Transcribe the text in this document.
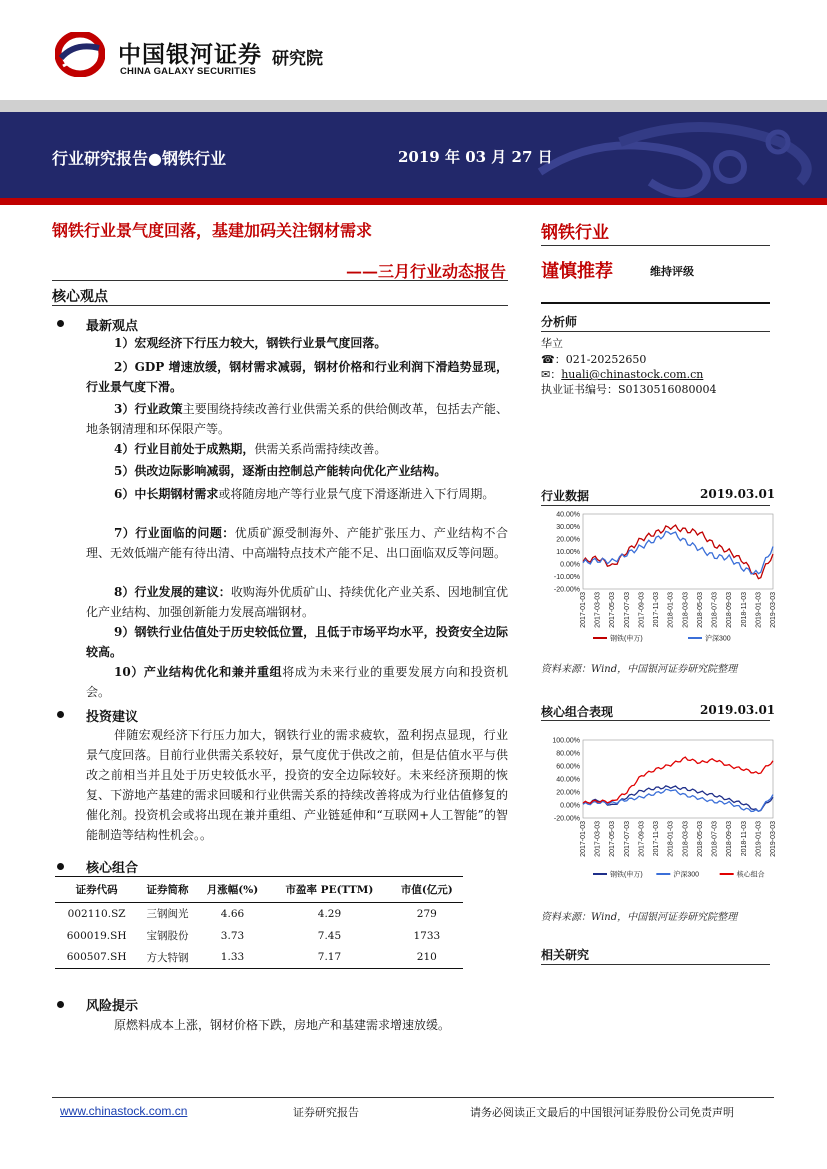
中国银河证券 研究院
CHINA GALAXY SECURITIES
行业研究报告●钢铁行业	2019 年 03 月 27 日
钢铁行业景气度回落，基建加码关注钢材需求
——三月行业动态报告
核心观点
最新观点
1）宏观经济下行压力较大，钢铁行业景气度回落。
2）GDP 增速放缓，钢材需求减弱，钢材价格和行业利润下滑趋势显现，行业景气度下滑。
3）行业政策主要围绕持续改善行业供需关系的供给侧改革，包括去产能、地条钢清理和环保限产等。
4）行业目前处于成熟期，供需关系尚需持续改善。
5）供改边际影响减弱，逐渐由控制总产能转向优化产业结构。
6）中长期钢材需求或将随房地产等行业景气度下滑逐渐进入下行周期。
7）行业面临的问题：优质矿源受制海外、产能扩张压力、产业结构不合理、无效低端产能有待出清、中高端特点技术产能不足、出口面临双反等问题。
8）行业发展的建议：收购海外优质矿山、持续优化产业关系、因地制宜优化产业结构、加强创新能力发展高端钢材。
9）钢铁行业估值处于历史较低位置，且低于市场平均水平，投资安全边际较高。
10）产业结构优化和兼并重组将成为未来行业的重要发展方向和投资机会。
投资建议
伴随宏观经济下行压力加大，钢铁行业的需求疲软，盈利拐点显现，行业景气度回落。目前行业供需关系较好，景气度优于供改之前，但是估值水平与供改之前相当并且处于历史较低水平，投资的安全边际较好。未来经济预期的恢复、下游地产基建的需求回暖和行业供需关系的持续改善将成为行业估值修复的催化剂。投资机会或将出现在兼并重组、产业链延伸和“互联网+人工智能”的智能制造等结构性机会。。
核心组合
证券代码	证券简称	月涨幅(%)	市盈率 PE(TTM)	市值(亿元)
002110.SZ	三钢闽光	4.66	4.29	279
600019.SH	宝钢股份	3.73	7.45	1733
600507.SH	方大特钢	1.33	7.17	210
风险提示
原燃料成本上涨，钢材价格下跌，房地产和基建需求增速放缓。
钢铁行业
谨慎推荐	维持评级
分析师
华立
☎：021-20252650
✉：huali@chinastock.com.cn
执业证书编号：S0130516080004
行业数据	2019.03.01
40.00%
30.00%
20.00%
10.00%
0.00%
-10.00%
-20.00%
2017-01-03 2017-03-03 2017-05-03 2017-07-03 2017-09-03 2017-11-03 2018-01-03 2018-03-03 2018-05-03 2018-07-03 2018-09-03 2018-11-03 2019-01-03 2019-03-03
钢铁(申万)	沪深300
资料来源：Wind，中国银河证券研究院整理
核心组合表现	2019.03.01
100.00%
80.00%
60.00%
40.00%
20.00%
0.00%
-20.00%
2017-01-03 2017-03-03 2017-05-03 2017-07-03 2017-09-03 2017-11-03 2018-01-03 2018-03-03 2018-05-03 2018-07-03 2018-09-03 2018-11-03 2019-01-03 2019-03-03
钢铁(申万)	沪深300	核心组合
资料来源：Wind，中国银河证券研究院整理
相关研究
www.chinastock.com.cn	证券研究报告	请务必阅读正文最后的中国银河证券股份公司免责声明
